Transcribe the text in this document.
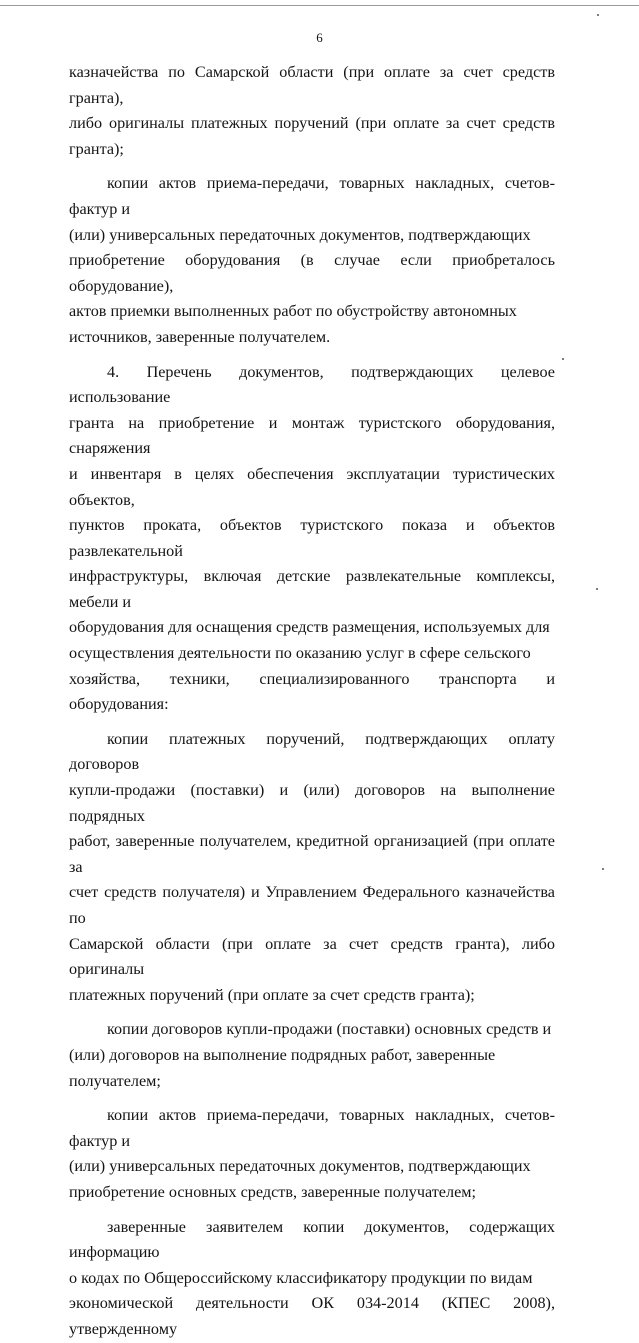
6

казначейства по Самарской области (при оплате за счет средств гранта),
либо оригиналы платежных поручений (при оплате за счет средств гранта);

копии актов приема-передачи, товарных накладных, счетов-фактур и
(или) универсальных передаточных документов, подтверждающих
приобретение оборудования (в случае если приобреталось оборудование),
актов приемки выполненных работ по обустройству автономных
источников, заверенные получателем.

4. Перечень документов, подтверждающих целевое использование
гранта на приобретение и монтаж туристского оборудования, снаряжения
и инвентаря в целях обеспечения эксплуатации туристических объектов,
пунктов проката, объектов туристского показа и объектов развлекательной
инфраструктуры, включая детские развлекательные комплексы, мебели и
оборудования для оснащения средств размещения, используемых для
осуществления деятельности по оказанию услуг в сфере сельского
хозяйства, техники, специализированного транспорта и оборудования:

копии платежных поручений, подтверждающих оплату договоров
купли-продажи (поставки) и (или) договоров на выполнение подрядных
работ, заверенные получателем, кредитной организацией (при оплате за
счет средств получателя) и Управлением Федерального казначейства по
Самарской области (при оплате за счет средств гранта), либо оригиналы
платежных поручений (при оплате за счет средств гранта);

копии договоров купли-продажи (поставки) основных средств и
(или) договоров на выполнение подрядных работ, заверенные
получателем;

копии актов приема-передачи, товарных накладных, счетов-фактур и
(или) универсальных передаточных документов, подтверждающих
приобретение основных средств, заверенные получателем;

заверенные заявителем копии документов, содержащих информацию
о кодах по Общероссийскому классификатору продукции по видам
экономической деятельности ОК 034-2014 (КПЕС 2008), утвержденному
